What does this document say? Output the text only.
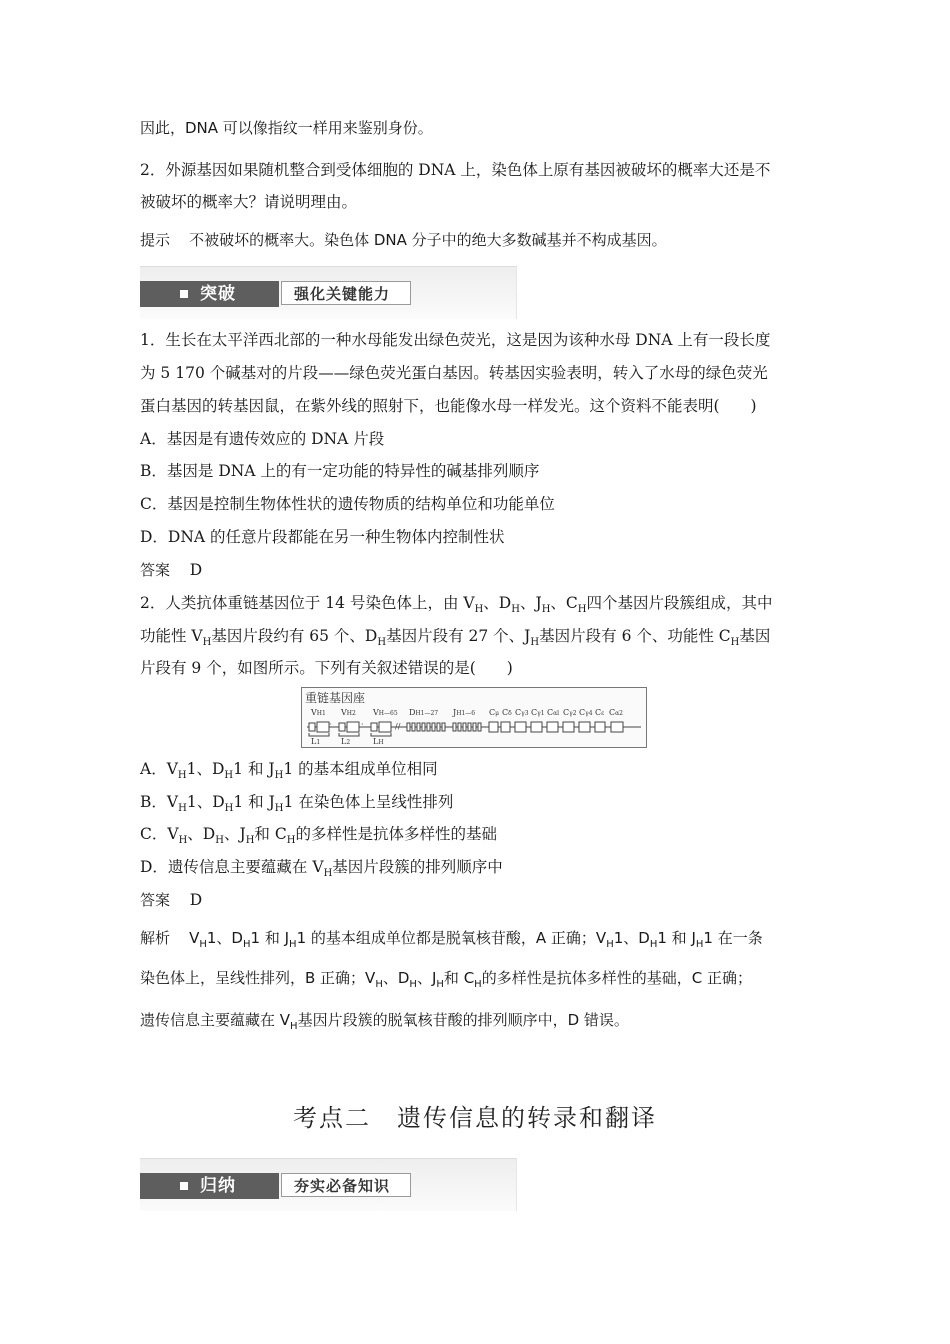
因此，DNA 可以像指纹一样用来鉴别身份。
2．外源基因如果随机整合到受体细胞的 DNA 上，染色体上原有基因被破坏的概率大还是不
被破坏的概率大？请说明理由。
提示 不被破坏的概率大。染色体 DNA 分子中的绝大多数碱基并不构成基因。
突破	强化关键能力
1．生长在太平洋西北部的一种水母能发出绿色荧光，这是因为该种水母 DNA 上有一段长度
为 5 170 个碱基对的片段——绿色荧光蛋白基因。转基因实验表明，转入了水母的绿色荧光
蛋白基因的转基因鼠，在紫外线的照射下，也能像水母一样发光。这个资料不能表明(　　)
A．基因是有遗传效应的 DNA 片段
B．基因是 DNA 上的有一定功能的特异性的碱基排列顺序
C．基因是控制生物体性状的遗传物质的结构单位和功能单位
D．DNA 的任意片段都能在另一种生物体内控制性状
答案 D
2．人类抗体重链基因位于 14 号染色体上，由 $V_H$、$D_H$、$J_H$、$C_H$四个基因片段簇组成，其中
功能性 $V_H$基因片段约有 65 个、$D_H$基因片段有 27 个、$J_H$基因片段有 6 个、功能性 $C_H$基因
片段有 9 个，如图所示。下列有关叙述错误的是(　　)
重链基因座
VH1 VH2 VH—65 DH1—27 JH1—6 Cμ Cδ Cγ3 Cγ1 Cαl Cγ2 Cγ4 Cε Cα2
·	·	//
L1	L2	LH
A．$V_H1$、$D_H1$ 和 $J_H1$ 的基本组成单位相同
B．$V_H1$、$D_H1$ 和 $J_H1$ 在染色体上呈线性排列
C．$V_H$、$D_H$、$J_H$和 $C_H$的多样性是抗体多样性的基础
D．遗传信息主要蕴藏在 $V_H$基因片段簇的排列顺序中
答案 D
解析 $V_H1$、$D_H1$ 和 $J_H1$ 的基本组成单位都是脱氧核苷酸，A 正确；$V_H1$、$D_H1$ 和 $J_H1$ 在一条
染色体上，呈线性排列，B 正确；$V_H$、$D_H$、$J_H$和 $C_H$的多样性是抗体多样性的基础，C 正确；
遗传信息主要蕴藏在 $V_H$基因片段簇的脱氧核苷酸的排列顺序中，D 错误。
考点二　遗传信息的转录和翻译
归纳	夯实必备知识
